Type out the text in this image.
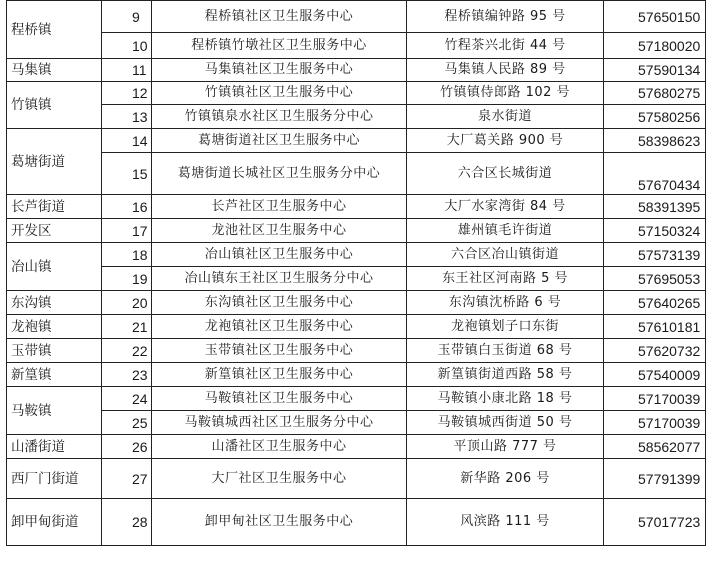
程桥镇	9	程桥镇社区卫生服务中心	程桥镇编钟路 95 号	57650150
	10	程桥镇竹墩社区卫生服务中心	竹程茶兴北街 44 号	57180020
马集镇	11	马集镇社区卫生服务中心	马集镇人民路 89 号	57590134
竹镇镇	12	竹镇镇社区卫生服务中心	竹镇镇侍郎路 102 号	57680275
	13	竹镇镇泉水社区卫生服务分中心	泉水街道	57580256
葛塘街道	14	葛塘街道社区卫生服务中心	大厂葛关路 900 号	58398623
	15	葛塘街道长城社区卫生服务分中心	六合区长城街道	57670434
长芦街道	16	长芦社区卫生服务中心	大厂水家湾街 84 号	58391395
开发区	17	龙池社区卫生服务中心	雄州镇毛许街道	57150324
冶山镇	18	冶山镇社区卫生服务中心	六合区冶山镇街道	57573139
	19	冶山镇东王社区卫生服务分中心	东王社区河南路 5 号	57695053
东沟镇	20	东沟镇社区卫生服务中心	东沟镇沈桥路 6 号	57640265
龙袍镇	21	龙袍镇社区卫生服务中心	龙袍镇划子口东街	57610181
玉带镇	22	玉带镇社区卫生服务中心	玉带镇白玉街道 68 号	57620732
新篁镇	23	新篁镇社区卫生服务中心	新篁镇街道西路 58 号	57540009
马鞍镇	24	马鞍镇社区卫生服务中心	马鞍镇小康北路 18 号	57170039
	25	马鞍镇城西社区卫生服务分中心	马鞍镇城西街道 50 号	57170039
山潘街道	26	山潘社区卫生服务中心	平顶山路 777 号	58562077
西厂门街道	27	大厂社区卫生服务中心	新华路 206 号	57791399
卸甲甸街道	28	卸甲甸社区卫生服务中心	风滨路 111 号	57017723
